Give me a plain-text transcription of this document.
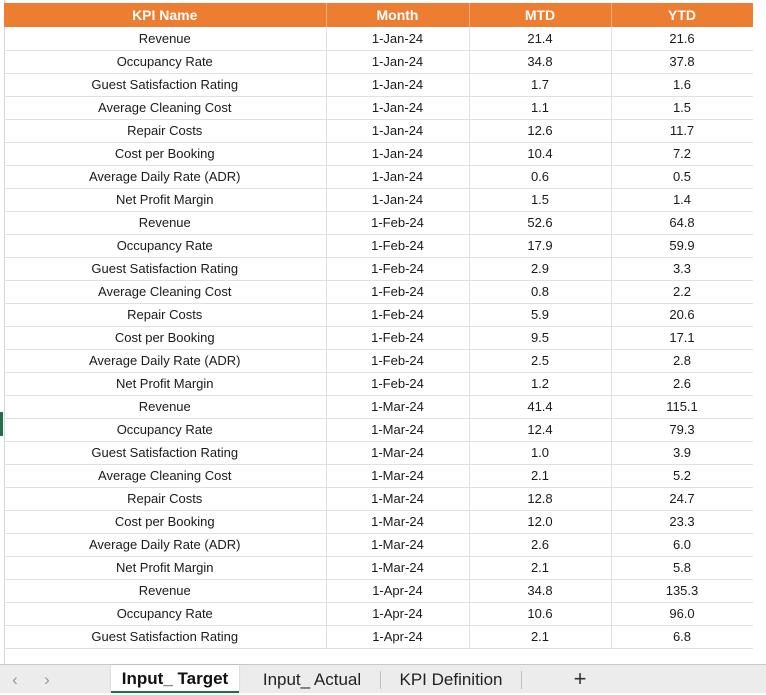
KPI Name	Month	MTD	YTD
Revenue	1-Jan-24	21.4	21.6
Occupancy Rate	1-Jan-24	34.8	37.8
Guest Satisfaction Rating	1-Jan-24	1.7	1.6
Average Cleaning Cost	1-Jan-24	1.1	1.5
Repair Costs	1-Jan-24	12.6	11.7
Cost per Booking	1-Jan-24	10.4	7.2
Average Daily Rate (ADR)	1-Jan-24	0.6	0.5
Net Profit Margin	1-Jan-24	1.5	1.4
Revenue	1-Feb-24	52.6	64.8
Occupancy Rate	1-Feb-24	17.9	59.9
Guest Satisfaction Rating	1-Feb-24	2.9	3.3
Average Cleaning Cost	1-Feb-24	0.8	2.2
Repair Costs	1-Feb-24	5.9	20.6
Cost per Booking	1-Feb-24	9.5	17.1
Average Daily Rate (ADR)	1-Feb-24	2.5	2.8
Net Profit Margin	1-Feb-24	1.2	2.6
Revenue	1-Mar-24	41.4	115.1
Occupancy Rate	1-Mar-24	12.4	79.3
Guest Satisfaction Rating	1-Mar-24	1.0	3.9
Average Cleaning Cost	1-Mar-24	2.1	5.2
Repair Costs	1-Mar-24	12.8	24.7
Cost per Booking	1-Mar-24	12.0	23.3
Average Daily Rate (ADR)	1-Mar-24	2.6	6.0
Net Profit Margin	1-Mar-24	2.1	5.8
Revenue	1-Apr-24	34.8	135.3
Occupancy Rate	1-Apr-24	10.6	96.0
Guest Satisfaction Rating	1-Apr-24	2.1	6.8
‹	›	Input_ Target	Input_ Actual	KPI Definition	+
